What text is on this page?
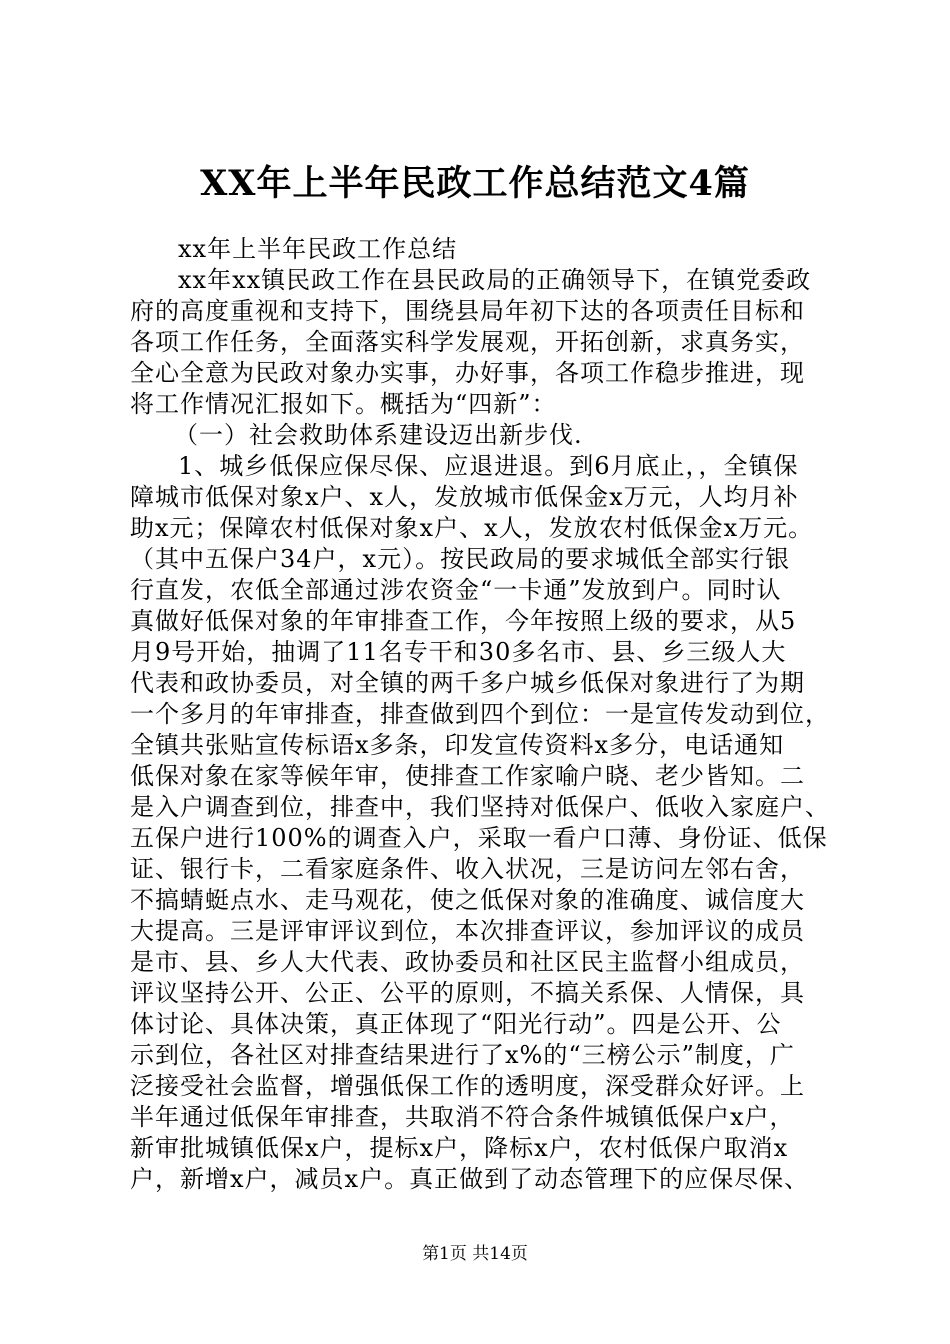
XX年上半年民政工作总结范文4篇
xx年上半年民政工作总结
xx年xx镇民政工作在县民政局的正确领导下，在镇党委政
府的高度重视和支持下，围绕县局年初下达的各项责任目标和
各项工作任务，全面落实科学发展观，开拓创新，求真务实，
全心全意为民政对象办实事，办好事，各项工作稳步推进，现
将工作情况汇报如下。概括为“四新”：
（一）社会救助体系建设迈出新步伐.
1、城乡低保应保尽保、应退进退。到6月底止，，全镇保
障城市低保对象x户、x人，发放城市低保金x万元，人均月补
助x元；保障农村低保对象x户、x人，发放农村低保金x万元。
（其中五保户34户，x元）。按民政局的要求城低全部实行银
行直发，农低全部通过涉农资金“一卡通”发放到户。同时认
真做好低保对象的年审排查工作，今年按照上级的要求，从5
月9号开始，抽调了11名专干和30多名市、县、乡三级人大
代表和政协委员，对全镇的两千多户城乡低保对象进行了为期
一个多月的年审排查，排查做到四个到位：一是宣传发动到位，
全镇共张贴宣传标语x多条，印发宣传资料x多分，电话通知
低保对象在家等候年审，使排查工作家喻户晓、老少皆知。二
是入户调查到位，排查中，我们坚持对低保户、低收入家庭户、
五保户进行100%的调查入户，采取一看户口薄、身份证、低保
证、银行卡，二看家庭条件、收入状况，三是访问左邻右舍，
不搞蜻蜓点水、走马观花，使之低保对象的准确度、诚信度大
大提高。三是评审评议到位，本次排查评议，参加评议的成员
是市、县、乡人大代表、政协委员和社区民主监督小组成员，
评议坚持公开、公正、公平的原则，不搞关系保、人情保，具
体讨论、具体决策，真正体现了“阳光行动”。四是公开、公
示到位，各社区对排查结果进行了x%的“三榜公示”制度，广
泛接受社会监督，增强低保工作的透明度，深受群众好评。上
半年通过低保年审排查，共取消不符合条件城镇低保户x户，
新审批城镇低保x户，提标x户，降标x户，农村低保户取消x
户，新增x户，减员x户。真正做到了动态管理下的应保尽保、
第1页 共14页
